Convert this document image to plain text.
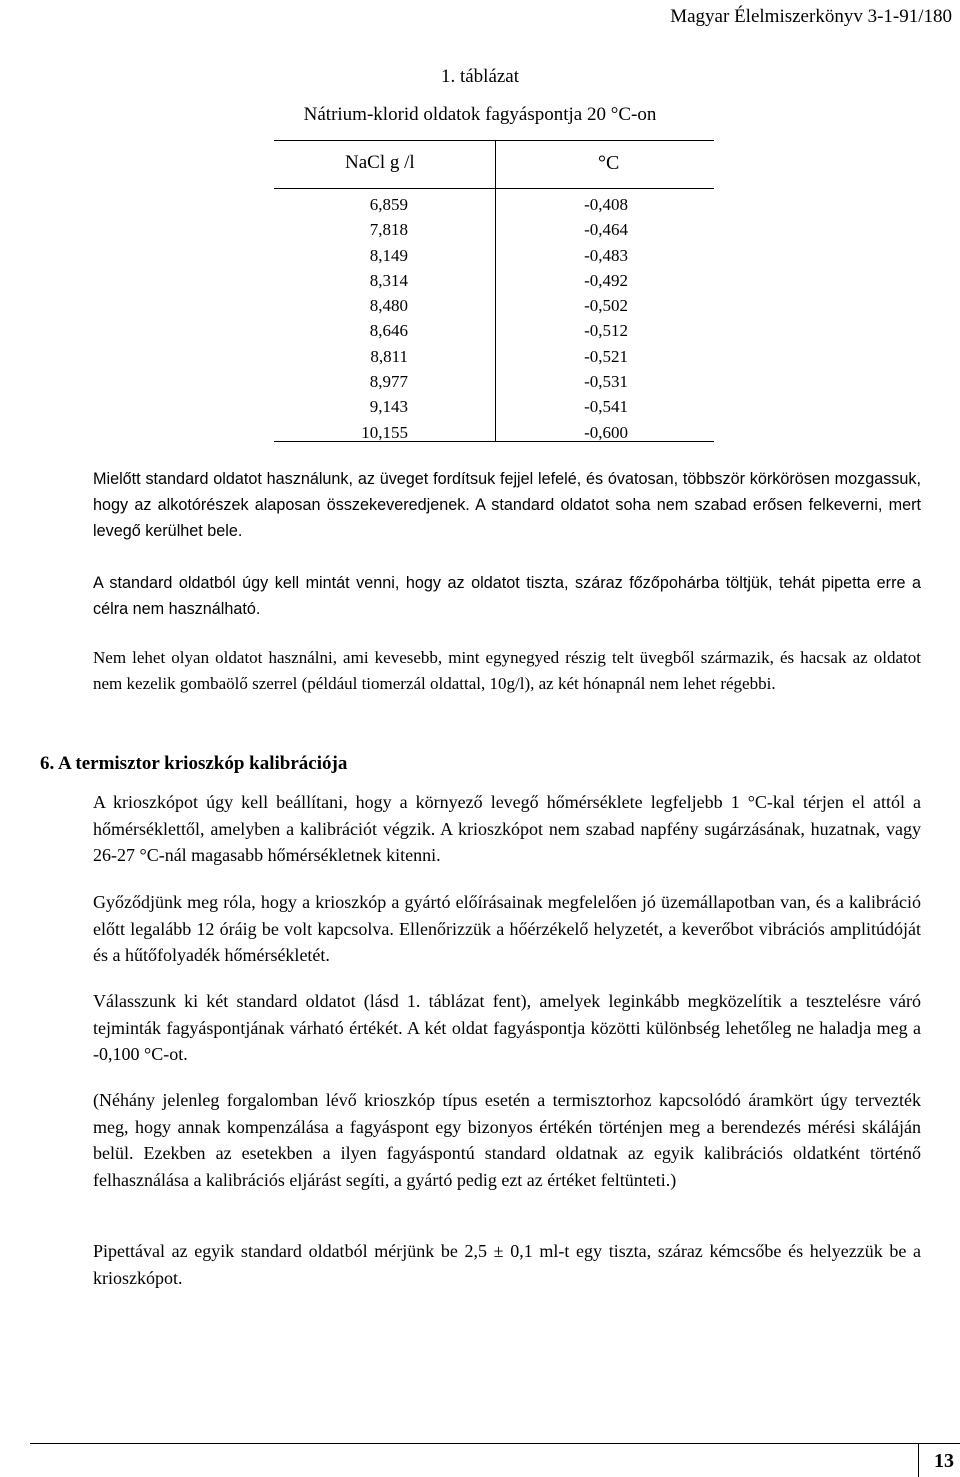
Magyar Élelmiszerkönyv 3-1-91/180
1. táblázat
Nátrium-klorid oldatok fagyáspontja 20 °C-on
NaCl g /l	°C
6,859
7,818
8,149
8,314
8,480
8,646
8,811
8,977
9,143
10,155
-0,408
-0,464
-0,483
-0,492
-0,502
-0,512
-0,521
-0,531
-0,541
-0,600
Mielőtt standard oldatot használunk, az üveget fordítsuk fejjel lefelé, és óvatosan, többször körkörösen mozgassuk, hogy az alkotórészek alaposan összekeveredjenek. A standard oldatot soha nem szabad erősen felkeverni, mert levegő kerülhet bele.
A standard oldatból úgy kell mintát venni, hogy az oldatot tiszta, száraz főzőpohárba töltjük, tehát pipetta erre a célra nem használható.
Nem lehet olyan oldatot használni, ami kevesebb, mint egynegyed részig telt üvegből származik, és hacsak az oldatot nem kezelik gombaölő szerrel (például tiomerzál oldattal, 10g/l), az két hónapnál nem lehet régebbi.
6. A termisztor krioszkóp kalibrációja
A krioszkópot úgy kell beállítani, hogy a környező levegő hőmérséklete legfeljebb 1 °C-kal térjen el attól a hőmérséklettől, amelyben a kalibrációt végzik. A krioszkópot nem szabad napfény sugárzásának, huzatnak, vagy 26-27 °C-nál magasabb hőmérsékletnek kitenni.
Győződjünk meg róla, hogy a krioszkóp a gyártó előírásainak megfelelően jó üzemállapotban van, és a kalibráció előtt legalább 12 óráig be volt kapcsolva. Ellenőrizzük a hőérzékelő helyzetét, a keverőbot vibrációs amplitúdóját és a hűtőfolyadék hőmérsékletét.
Válasszunk ki két standard oldatot (lásd 1. táblázat fent), amelyek leginkább megközelítik a tesztelésre váró tejminták fagyáspontjának várható értékét. A két oldat fagyáspontja közötti különbség lehetőleg ne haladja meg a -0,100 °C-ot.
(Néhány jelenleg forgalomban lévő krioszkóp típus esetén a termisztorhoz kapcsolódó áramkört úgy tervezték meg, hogy annak kompenzálása a fagyáspont egy bizonyos értékén történjen meg a berendezés mérési skáláján belül. Ezekben az esetekben a ilyen fagyáspontú standard oldatnak az egyik kalibrációs oldatként történő felhasználása a kalibrációs eljárást segíti, a gyártó pedig ezt az értéket feltünteti.)
Pipettával az egyik standard oldatból mérjünk be 2,5 ± 0,1 ml-t egy tiszta, száraz kémcsőbe és helyezzük be a krioszkópot.
13
